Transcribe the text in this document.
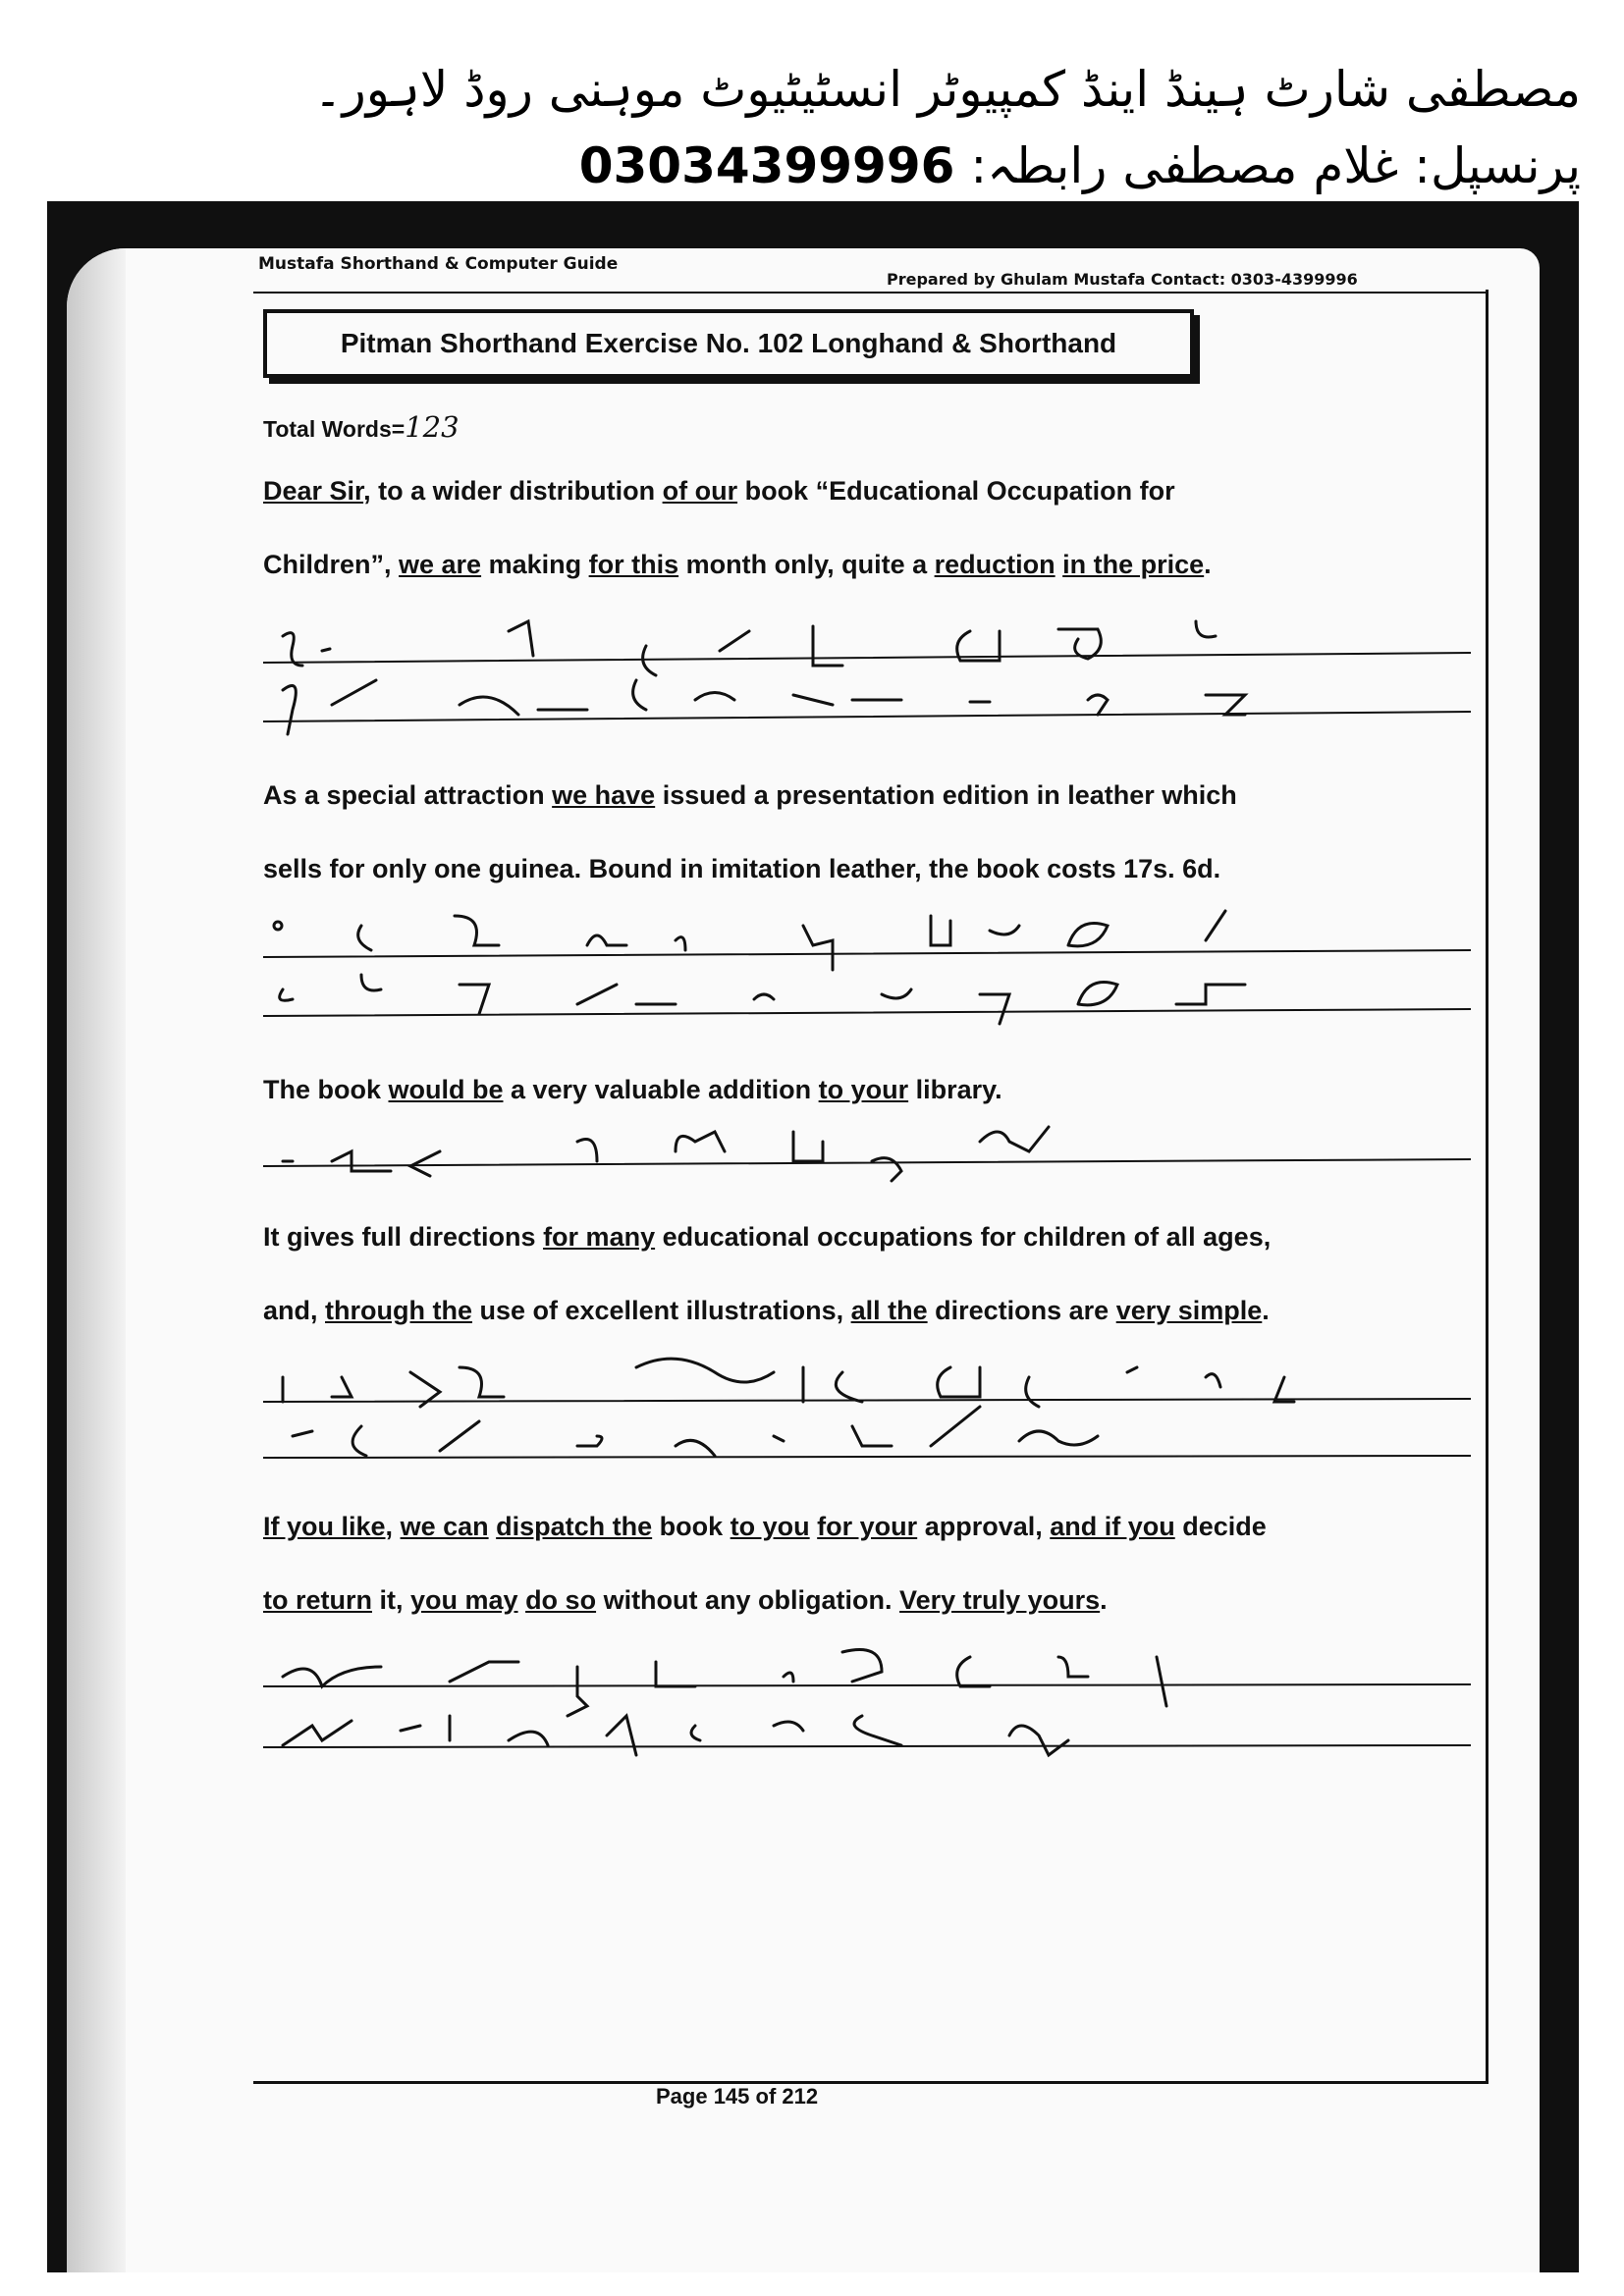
مصطفی شارٹ ہینڈ اینڈ کمپیوٹر انسٹیٹیوٹ موہنی روڈ لاہور۔
پرنسپل: غلام مصطفی رابطہ: 03034399996
Mustafa Shorthand & Computer Guide
Prepared by Ghulam Mustafa Contact: 0303-4399996
Pitman Shorthand Exercise No. 102 Longhand & Shorthand
Total Words=123
Dear Sir, to a wider distribution of our book “Educational Occupation for
Children”, we are making for this month only, quite a reduction in the price.
As a special attraction we have issued a presentation edition in leather which
sells for only one guinea. Bound in imitation leather, the book costs 17s. 6d.
The book would be a very valuable addition to your library.
It gives full directions for many educational occupations for children of all ages,
and, through the use of excellent illustrations, all the directions are very simple.
If you like, we can dispatch the book to you for your approval, and if you decide
to return it, you may do so without any obligation. Very truly yours.
Page 145 of 212
